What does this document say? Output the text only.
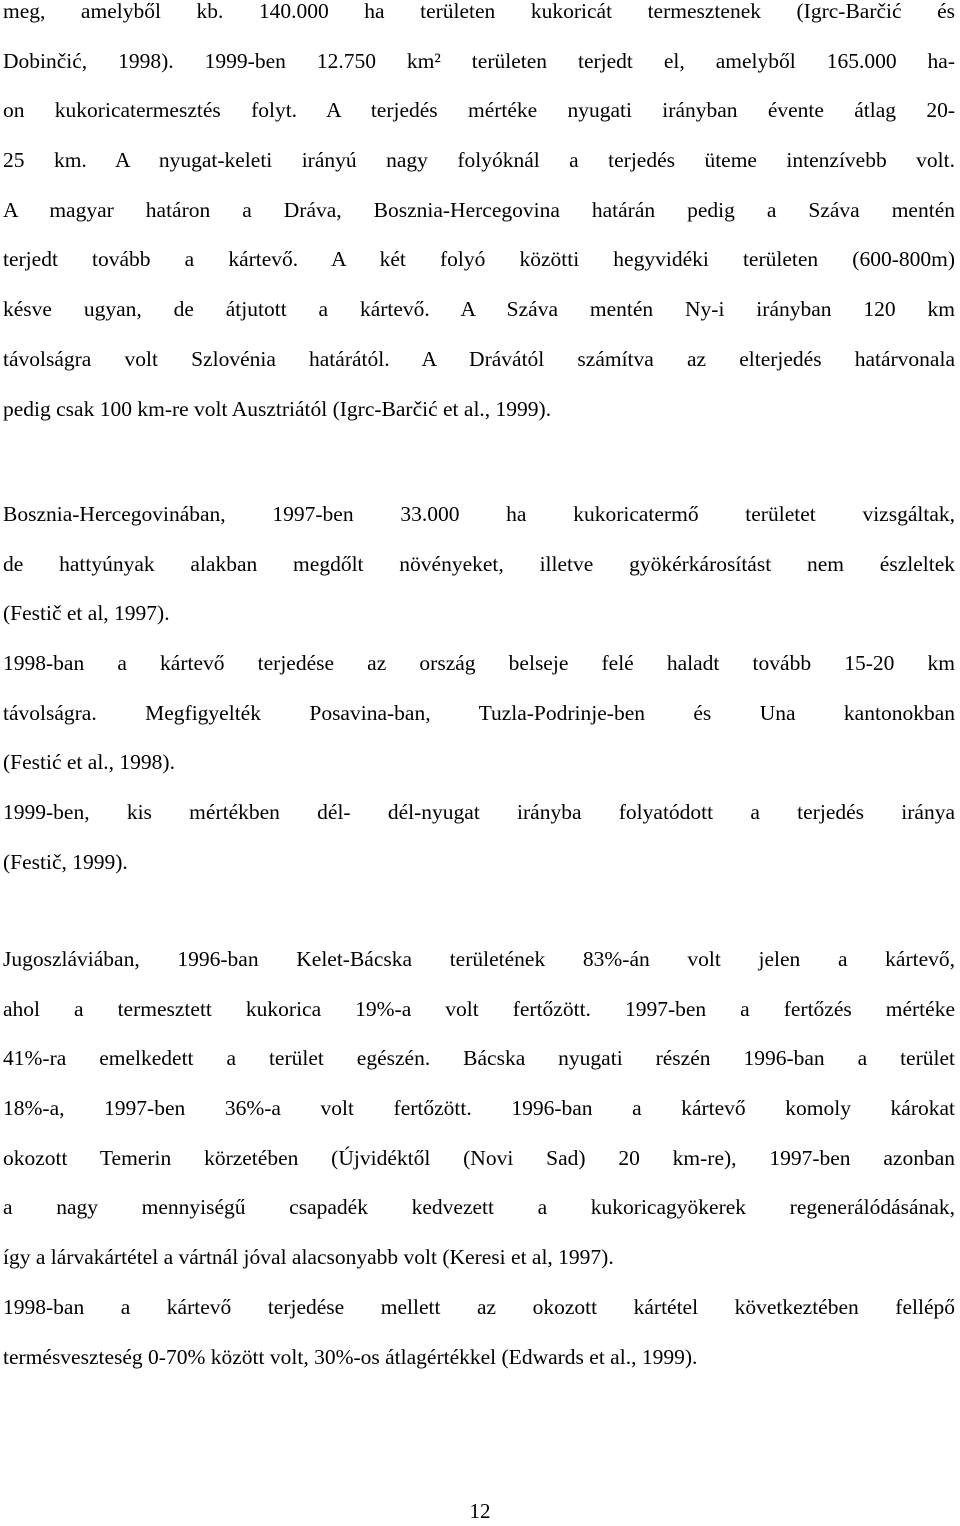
meg, amelyből kb. 140.000 ha területen kukoricát termesztenek (Igrc-Barčić és
Dobinčić, 1998). 1999-ben 12.750 km² területen terjedt el, amelyből 165.000 ha-
on kukoricatermesztés folyt. A terjedés mértéke nyugati irányban évente átlag 20-
25 km. A nyugat-keleti irányú nagy folyóknál a terjedés üteme intenzívebb volt.
A magyar határon a Dráva, Bosznia-Hercegovina határán pedig a Száva mentén
terjedt tovább a kártevő. A két folyó közötti hegyvidéki területen (600-800m)
késve ugyan, de átjutott a kártevő. A Száva mentén Ny-i irányban 120 km
távolságra volt Szlovénia határától. A Drávától számítva az elterjedés határvonala
pedig csak 100 km-re volt Ausztriától (Igrc-Barčić et al., 1999).
Bosznia-Hercegovinában, 1997-ben 33.000 ha kukoricatermő területet vizsgáltak,
de hattyúnyak alakban megdőlt növényeket, illetve gyökérkárosítást nem észleltek
(Festič et al, 1997).
1998-ban a kártevő terjedése az ország belseje felé haladt tovább 15-20 km
távolságra. Megfigyelték Posavina-ban, Tuzla-Podrinje-ben és Una kantonokban
(Festić et al., 1998).
1999-ben, kis mértékben dél- dél-nyugat irányba folyatódott a terjedés iránya
(Festič, 1999).
Jugoszláviában, 1996-ban Kelet-Bácska területének 83%-án volt jelen a kártevő,
ahol a termesztett kukorica 19%-a volt fertőzött. 1997-ben a fertőzés mértéke
41%-ra emelkedett a terület egészén. Bácska nyugati részén 1996-ban a terület
18%-a, 1997-ben 36%-a volt fertőzött. 1996-ban a kártevő komoly károkat
okozott Temerin körzetében (Újvidéktől (Novi Sad) 20 km-re), 1997-ben azonban
a nagy mennyiségű csapadék kedvezett a kukoricagyökerek regenerálódásának,
így a lárvakártétel a vártnál jóval alacsonyabb volt (Keresi et al, 1997).
1998-ban a kártevő terjedése mellett az okozott kártétel következtében fellépő
termésveszteség 0-70% között volt, 30%-os átlagértékkel (Edwards et al., 1999).
12
